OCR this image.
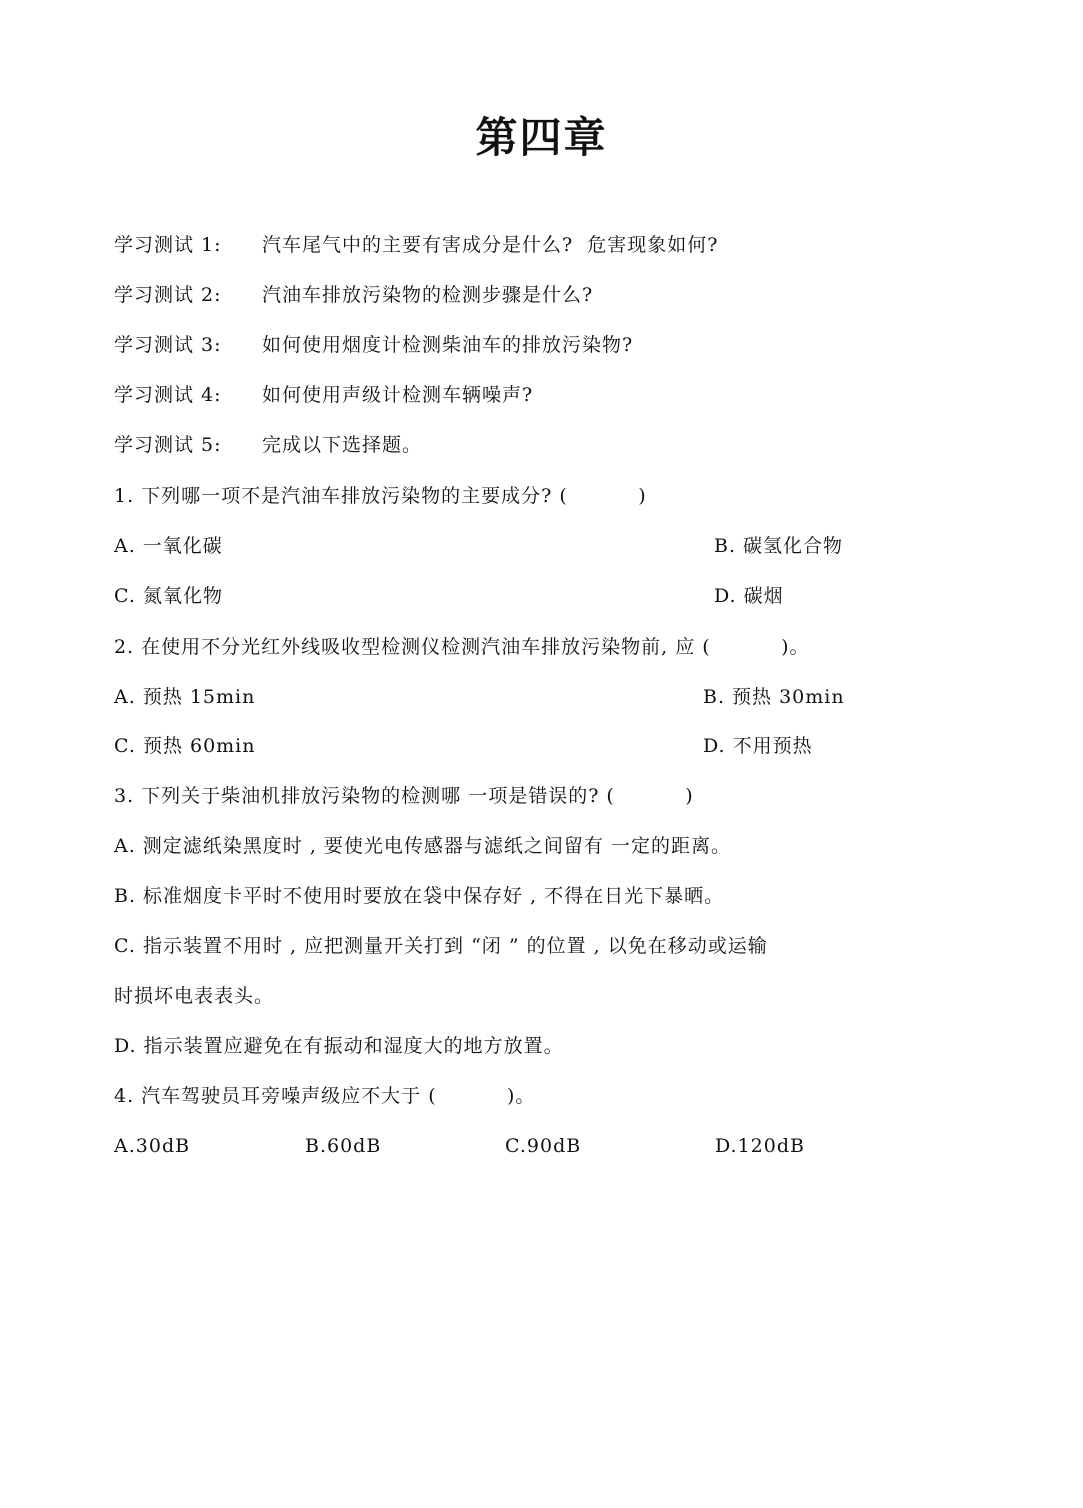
第四章
学习测试 1: 汽车尾气中的主要有害成分是什么?  危害现象如何?
学习测试 2: 汽油车排放污染物的检测步骤是什么?
学习测试 3: 如何使用烟度计检测柴油车的排放污染物?
学习测试 4: 如何使用声级计检测车辆噪声?
学习测试 5: 完成以下选择题。
1. 下列哪一项不是汽油车排放污染物的主要成分? (          )
A. 一氧化碳	B. 碳氢化合物
C. 氮氧化物	D. 碳烟
2. 在使用不分光红外线吸收型检测仪检测汽油车排放污染物前, 应 (          )。
A. 预热 15min	B. 预热 30min
C. 预热 60min	D. 不用预热
3. 下列关于柴油机排放污染物的检测哪 一项是错误的? (          )
A. 测定滤纸染黑度时 , 要使光电传感器与滤纸之间留有 一定的距离。
B. 标准烟度卡平时不使用时要放在袋中保存好 , 不得在日光下暴晒。
C. 指示装置不用时 , 应把测量开关打到 “闭 ” 的位置 , 以免在移动或运输
时损坏电表表头。
D. 指示装置应避免在有振动和湿度大的地方放置。
4. 汽车驾驶员耳旁噪声级应不大于 (          )。
A.30dB	B.60dB	C.90dB	D.120dB
